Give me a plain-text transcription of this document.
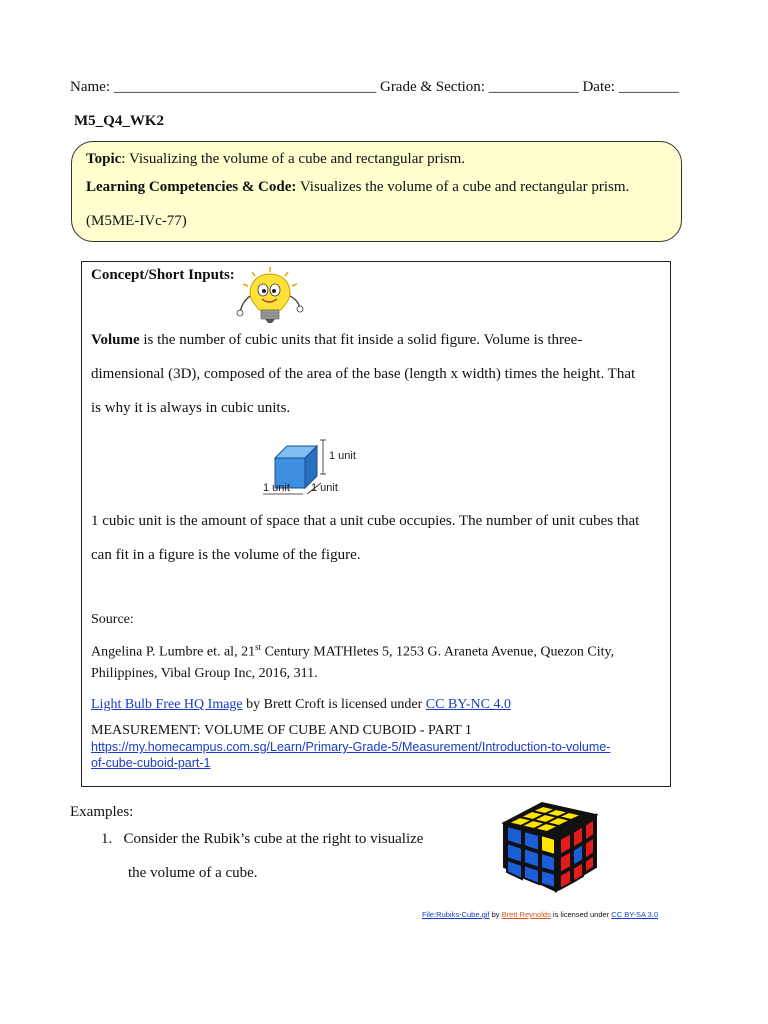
Name: ___________________________________ Grade & Section: ____________ Date: ________
M5_Q4_WK2

Topic: Visualizing the volume of a cube and rectangular prism.

Learning Competencies & Code: Visualizes the volume of a cube and rectangular prism.

(M5ME-IVc-77)

Concept/Short Inputs:

Volume is the number of cubic units that fit inside a solid figure. Volume is three-

dimensional (3D), composed of the area of the base (length x width) times the height. That

is why it is always in cubic units.

1 unit
1 unit 1 unit

1 cubic unit is the amount of space that a unit cube occupies. The number of unit cubes that

can fit in a figure is the volume of the figure.

Source:

Angelina P. Lumbre et. al, 21st Century MATHletes 5, 1253 G. Araneta Avenue, Quezon City,

Philippines, Vibal Group Inc, 2016, 311.

Light Bulb Free HQ Image by Brett Croft is licensed under CC BY-NC 4.0

MEASUREMENT: VOLUME OF CUBE AND CUBOID - PART 1

https://my.homecampus.com.sg/Learn/Primary-Grade-5/Measurement/Introduction-to-volume-

of-cube-cuboid-part-1

Examples:
1. Consider the Rubik’s cube at the right to visualize
the volume of a cube.
File:Rubiks-Cube.gif by Brett Reynolds is licensed under CC BY-SA 3.0
